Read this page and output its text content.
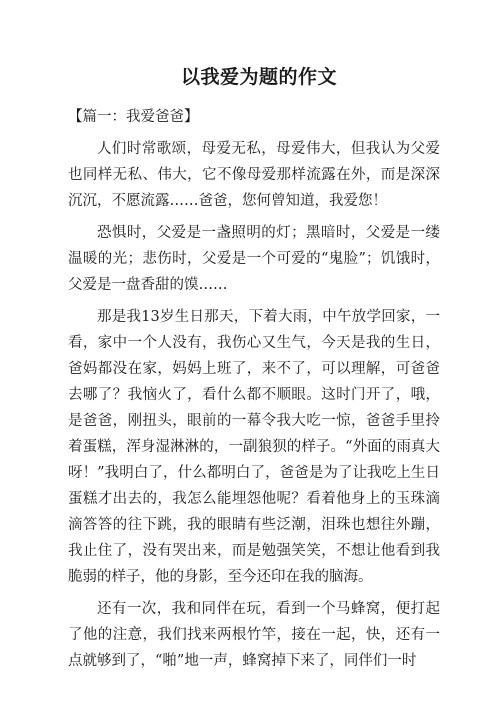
以我爱为题的作文
【篇一：我爱爸爸】

人们时常歌颂，母爱无私，母爱伟大，但我认为父爱也同样无私、伟大，它不像母爱那样流露在外，而是深深沉沉，不愿流露……爸爸，您何曾知道，我爱您！

恐惧时，父爱是一盏照明的灯；黑暗时，父爱是一缕温暖的光；悲伤时，父爱是一个可爱的“鬼脸”；饥饿时，父爱是一盘香甜的馍……

那是我13岁生日那天，下着大雨，中午放学回家，一看，家中一个人没有，我伤心又生气，今天是我的生日，爸妈都没在家，妈妈上班了，来不了，可以理解，可爸爸去哪了？我恼火了，看什么都不顺眼。这时门开了，哦，是爸爸，刚扭头，眼前的一幕令我大吃一惊，爸爸手里拎着蛋糕，浑身湿淋淋的，一副狼狈的样子。“外面的雨真大呀！”我明白了，什么都明白了，爸爸是为了让我吃上生日蛋糕才出去的，我怎么能埋怨他呢？看着他身上的玉珠滴滴答答的往下跳，我的眼睛有些泛潮，泪珠也想往外蹦，我止住了，没有哭出来，而是勉强笑笑，不想让他看到我脆弱的样子，他的身影，至今还印在我的脑海。

还有一次，我和同伴在玩，看到一个马蜂窝，便打起了他的注意，我们找来两根竹竿，接在一起，快，还有一点就够到了，“啪”地一声，蜂窝掉下来了，同伴们一时
